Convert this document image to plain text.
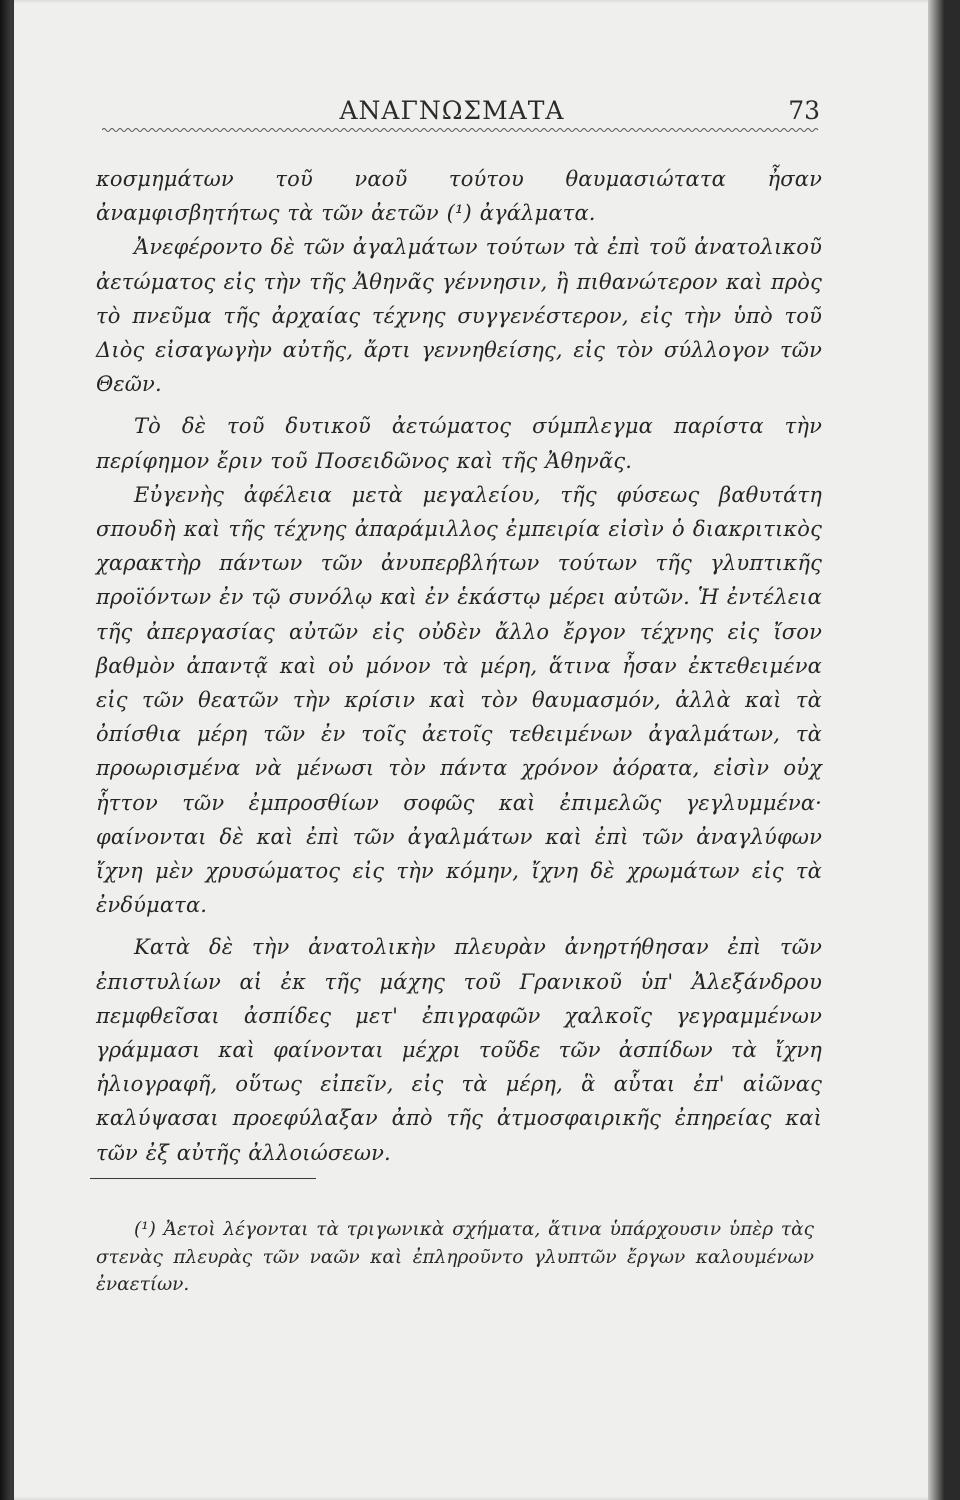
ΑΝΑΓΝΩΣΜΑΤΑ	73

κοσμημάτων τοῦ ναοῦ τούτου θαυμασιώτατα ἦσαν ἀναμφισβητήτως τὰ τῶν ἀετῶν (¹) ἀγάλματα.

Ἀνεφέροντο δὲ τῶν ἀγαλμάτων τούτων τὰ ἐπὶ τοῦ ἀνατολικοῦ ἀετώματος εἰς τὴν τῆς Ἀθηνᾶς γέννησιν, ἢ πιθανώτερον καὶ πρὸς τὸ πνεῦμα τῆς ἀρχαίας τέχνης συγγενέστερον, εἰς τὴν ὑπὸ τοῦ Διὸς εἰσαγωγὴν αὐτῆς, ἄρτι γεννηθείσης, εἰς τὸν σύλλογον τῶν Θεῶν.

Τὸ δὲ τοῦ δυτικοῦ ἀετώματος σύμπλεγμα παρίστα τὴν περίφημον ἔριν τοῦ Ποσειδῶνος καὶ τῆς Ἀθηνᾶς.

Εὐγενὴς ἀφέλεια μετὰ μεγαλείου, τῆς φύσεως βαθυτάτη σπουδὴ καὶ τῆς τέχνης ἀπαράμιλλος ἐμπειρία εἰσὶν ὁ διακριτικὸς χαρακτὴρ πάντων τῶν ἀνυπερβλήτων τούτων τῆς γλυπτικῆς προϊόντων ἐν τῷ συνόλῳ καὶ ἐν ἑκάστῳ μέρει αὐτῶν. Ἡ ἐντέλεια τῆς ἀπεργασίας αὐτῶν εἰς οὐδὲν ἄλλο ἔργον τέχνης εἰς ἴσον βαθμὸν ἀπαντᾷ καὶ οὐ μόνον τὰ μέρη, ἅτινα ἦσαν ἐκτεθειμένα εἰς τῶν θεατῶν τὴν κρίσιν καὶ τὸν θαυμασμόν, ἀλλὰ καὶ τὰ ὀπίσθια μέρη τῶν ἐν τοῖς ἀετοῖς τεθειμένων ἀγαλμάτων, τὰ προωρισμένα νὰ μένωσι τὸν πάντα χρόνον ἀόρατα, εἰσὶν οὐχ ἧττον τῶν ἐμπροσθίων σοφῶς καὶ ἐπιμελῶς γεγλυμμένα· φαίνονται δὲ καὶ ἐπὶ τῶν ἀγαλμάτων καὶ ἐπὶ τῶν ἀναγλύφων ἴχνη μὲν χρυσώματος εἰς τὴν κόμην, ἴχνη δὲ χρωμάτων εἰς τὰ ἐνδύματα.

Κατὰ δὲ τὴν ἀνατολικὴν πλευρὰν ἀνηρτήθησαν ἐπὶ τῶν ἐπιστυλίων αἱ ἐκ τῆς μάχης τοῦ Γρανικοῦ ὑπ' Ἀλεξάνδρου πεμφθεῖσαι ἀσπίδες μετ' ἐπιγραφῶν χαλκοῖς γεγραμμένων γράμμασι καὶ φαίνονται μέχρι τοῦδε τῶν ἀσπίδων τὰ ἴχνη ἡλιογραφῆ, οὕτως εἰπεῖν, εἰς τὰ μέρη, ἃ αὗται ἐπ' αἰῶνας καλύψασαι προεφύλαξαν ἀπὸ τῆς ἀτμοσφαιρικῆς ἐπηρείας καὶ τῶν ἐξ αὐτῆς ἀλλοιώσεων.

(¹) Ἀετοὶ λέγονται τὰ τριγωνικὰ σχήματα, ἅτινα ὑπάρχουσιν ὑπὲρ τὰς στενὰς πλευρὰς τῶν ναῶν καὶ ἐπληροῦντο γλυπτῶν ἔργων καλουμένων ἐναετίων.
